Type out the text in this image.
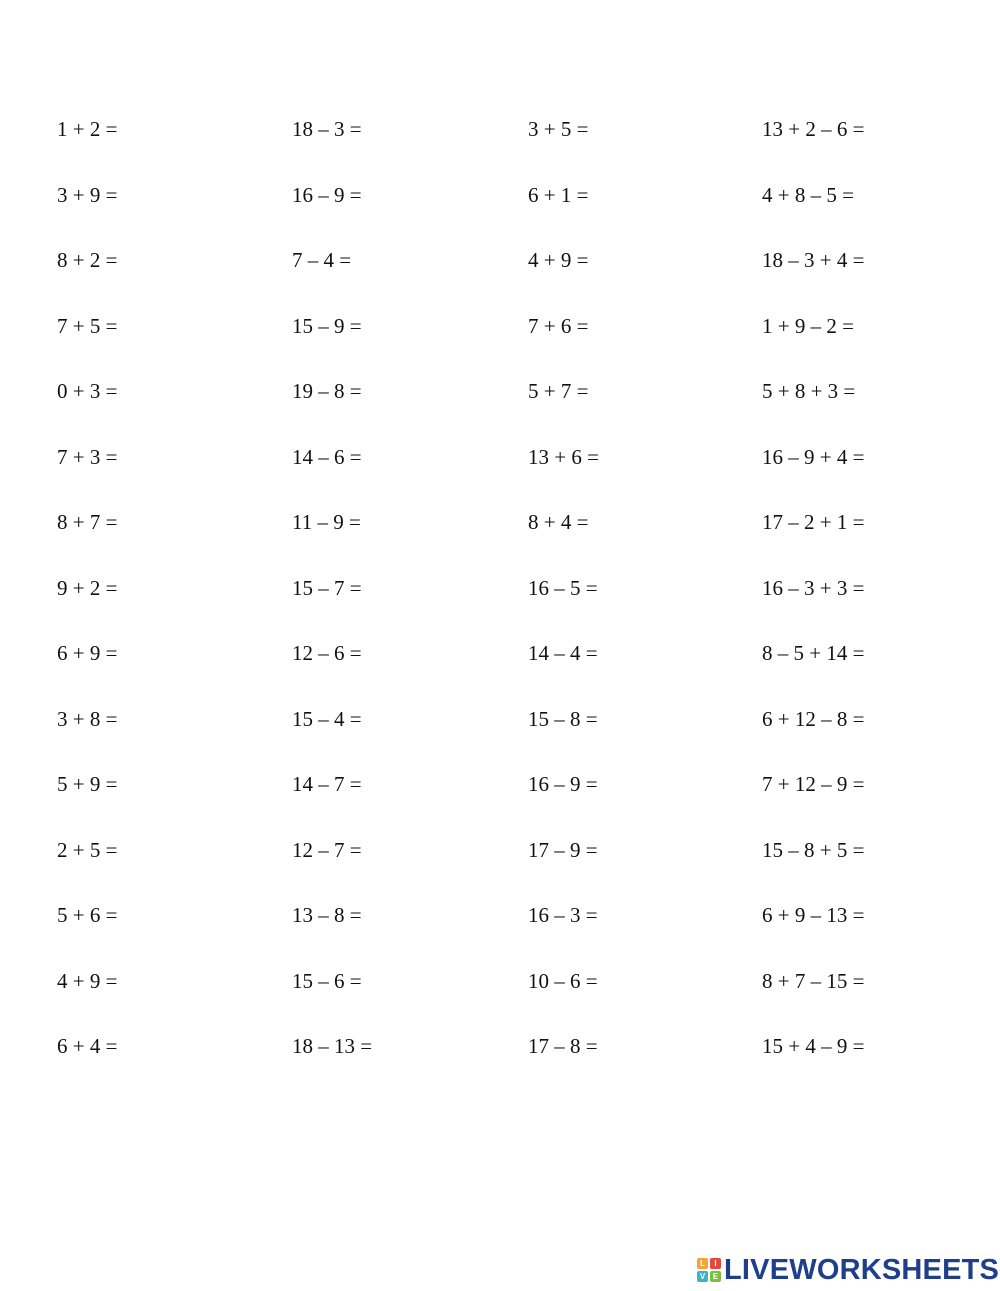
1 + 2 =
3 + 9 =
8 + 2 =
7 + 5 =
0 + 3 =
7 + 3 =
8 + 7 =
9 + 2 =
6 + 9 =
3 + 8 =
5 + 9 =
2 + 5 =
5 + 6 =
4 + 9 =
6 + 4 =
18 – 3 =
16 – 9 =
7 – 4 =
15 – 9 =
19 – 8 =
14 – 6 =
11 – 9 =
15 – 7 =
12 – 6 =
15 – 4 =
14 – 7 =
12 – 7 =
13 – 8 =
15 – 6 =
18 – 13 =
3 + 5 =
6 + 1 =
4 + 9 =
7 + 6 =
5 + 7 =
13 + 6 =
8 + 4 =
16 – 5 =
14 – 4 =
15 – 8 =
16 – 9 =
17 – 9 =
16 – 3 =
10 – 6 =
17 – 8 =
13 + 2 – 6 =
4 + 8 – 5 =
18 – 3 + 4 =
1 + 9 – 2 =
5 + 8 + 3 =
16 – 9 + 4 =
17 – 2 + 1 =
16 – 3 + 3 =
8 – 5 + 14 =
6 + 12 – 8 =
7 + 12 – 9 =
15 – 8 + 5 =
6 + 9 – 13 =
8 + 7 – 15 =
15 + 4 – 9 =
L	I
V E LIVEWORKSHEETS
